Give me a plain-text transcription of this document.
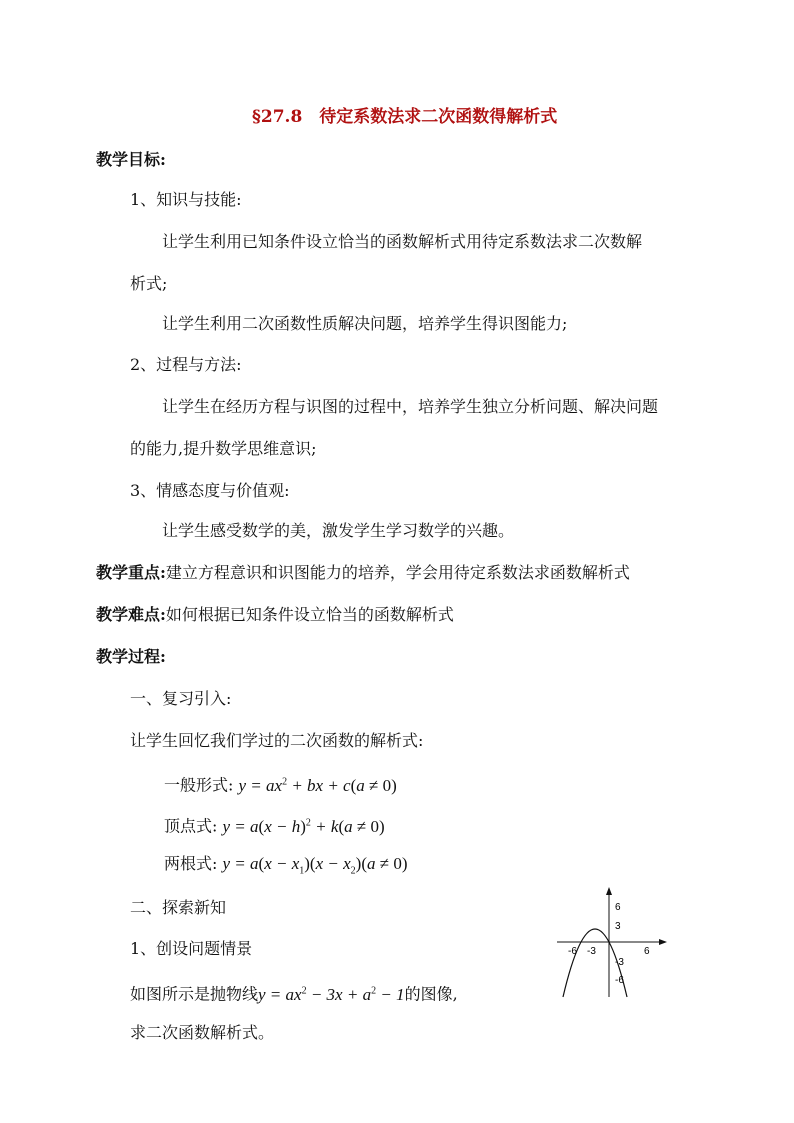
§27.8　待定系数法求二次函数得解析式
教学目标:
1、知识与技能:
让学生利用已知条件设立恰当的函数解析式用待定系数法求二次数解
析式;
让学生利用二次函数性质解决问题，培养学生得识图能力;
2、过程与方法:
让学生在经历方程与识图的过程中，培养学生独立分析问题、解决问题
的能力,提升数学思维意识;
3、情感态度与价值观:
让学生感受数学的美，激发学生学习数学的兴趣。
教学重点:建立方程意识和识图能力的培养，学会用待定系数法求函数解析式
教学难点:如何根据已知条件设立恰当的函数解析式
教学过程:
一、复习引入:
让学生回忆我们学过的二次函数的解析式:
一般形式: $y = ax^2$ + bx + c(a ≠ 0)
顶点式: $y = a(x - h)^2 + k(a \ne 0)$
两根式: $y = a(x - x_1)(x - x_2)(a \ne 0)$
二、探索新知
1、创设问题情景
如图所示是抛物线$y = ax^2 - 3x + a^2 - 1$的图像,
求二次函数解析式。
-6 -3	6
6
3
-3
-6
